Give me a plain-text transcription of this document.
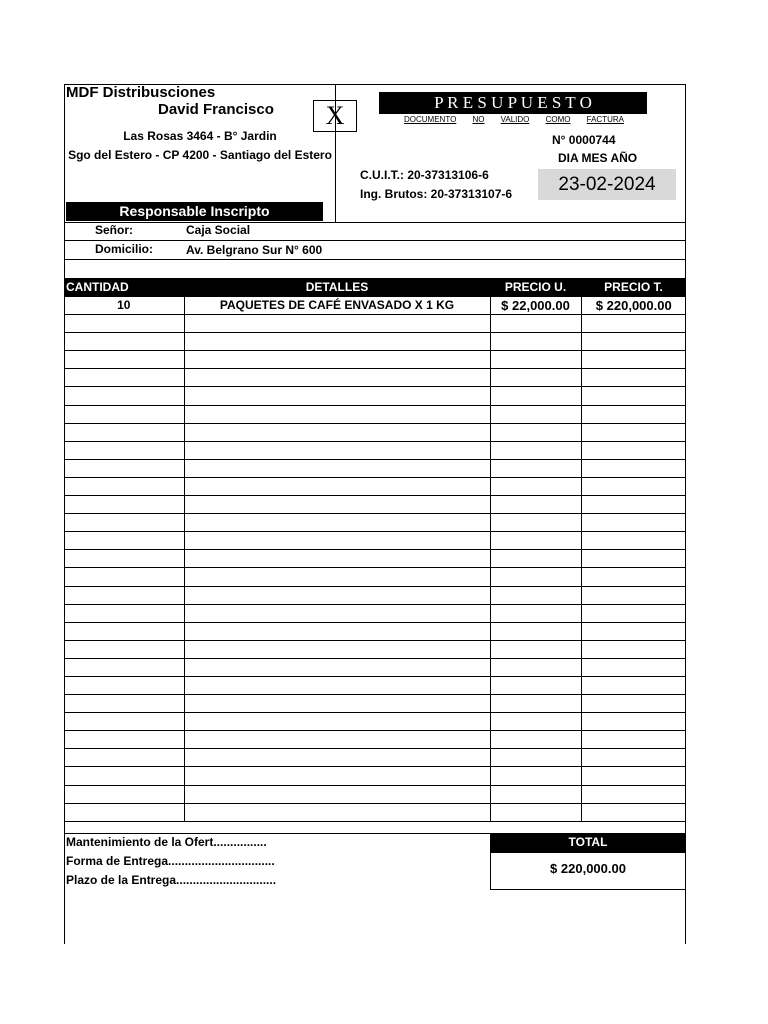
MDF Distribusciones
David Francisco
Las Rosas 3464 - B° Jardin
Sgo del Estero - CP 4200 - Santiago del Estero
Responsable Inscripto
X	P R E S U P U E S T O
DOCUMENTO NO VALIDO COMO FACTURA
N° 0000744
DIA MES AÑO
23-02-2024
C.U.I.T.: 20-37313106-6
Ing. Brutos: 20-37313107-6
Señor:	Caja Social
Domicilio:	Av. Belgrano Sur N° 600
CANTIDAD	DETALLES	PRECIO U.	PRECIO T.
10	PAQUETES DE CAFÉ ENVASADO X 1 KG	$ 22,000.00	$ 220,000.00

Mantenimiento de la Ofert................
Forma de Entrega................................
Plazo de la Entrega..............................
TOTAL
$ 220,000.00
